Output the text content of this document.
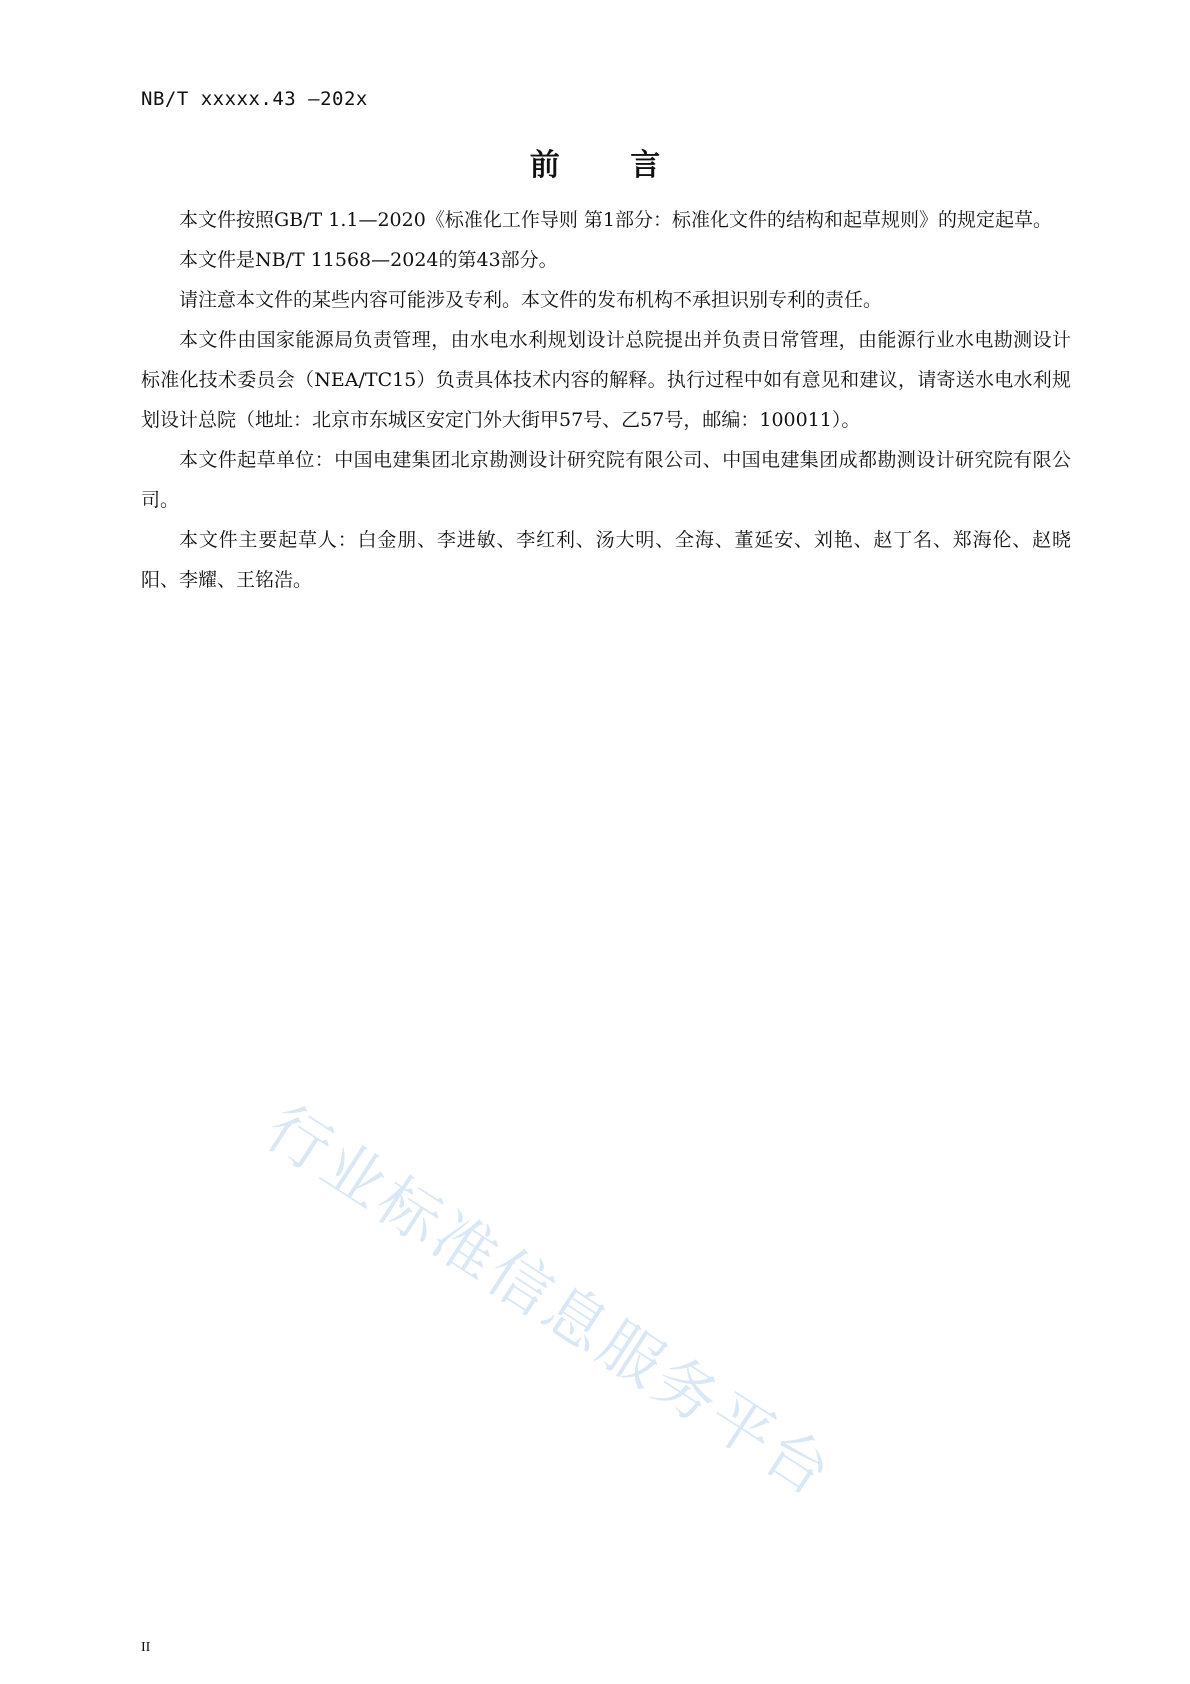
NB/T xxxxx.43 —202x
前 言

本文件按照GB/T 1.1—2020《标准化工作导则 第1部分：标准化文件的结构和起草规则》的规定起草。

本文件是NB/T 11568—2024的第43部分。

请注意本文件的某些内容可能涉及专利。本文件的发布机构不承担识别专利的责任。

本文件由国家能源局负责管理，由水电水利规划设计总院提出并负责日常管理，由能源行业水电勘测设计标准化技术委员会（NEA/TC15）负责具体技术内容的解释。执行过程中如有意见和建议，请寄送水电水利规划设计总院（地址：北京市东城区安定门外大街甲57号、乙57号，邮编：100011）。

本文件起草单位：中国电建集团北京勘测设计研究院有限公司、中国电建集团成都勘测设计研究院有限公司。

本文件主要起草人：白金朋、李进敏、李红利、汤大明、全海、董延安、刘艳、赵丁名、郑海伦、赵晓阳、李耀、王铭浩。

行业标准信息服务平台
II
